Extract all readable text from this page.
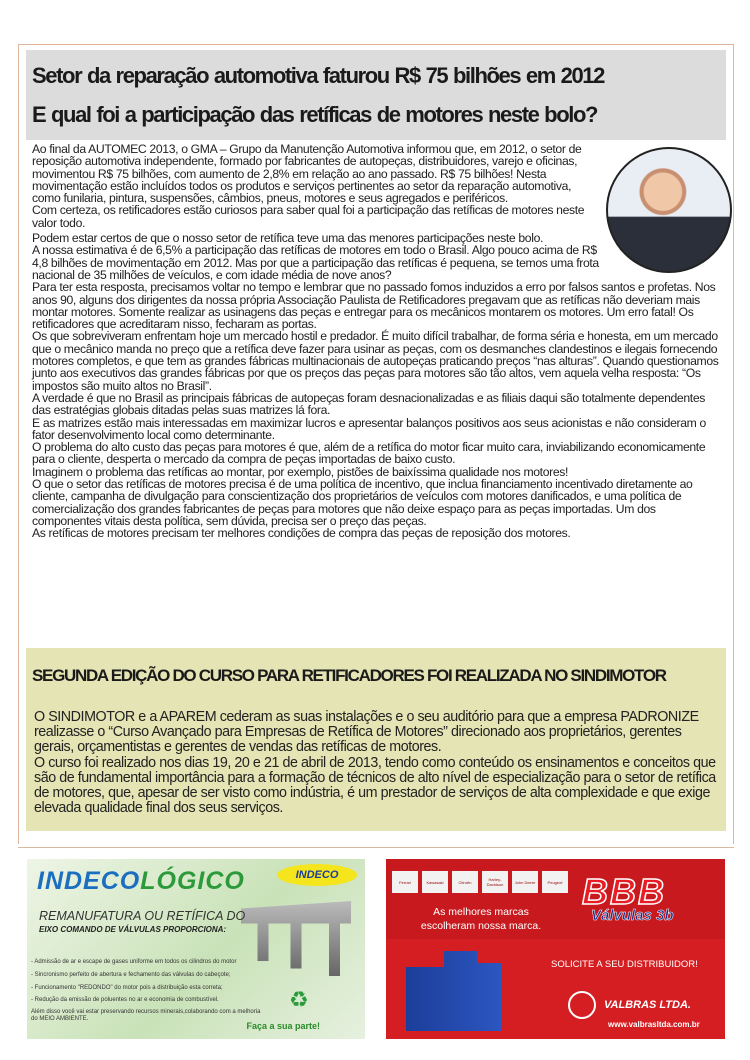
Setor da reparação automotiva faturou R$ 75 bilhões em 2012
E qual foi a participação das retíficas de motores neste bolo?

Ao final da AUTOMEC 2013, o GMA – Grupo da Manutenção Automotiva informou que, em 2012, o setor de reposição automotiva independente, formado por fabricantes de autopeças, distribuidores, varejo e oficinas, movimentou R$ 75 bilhões, com aumento de 2,8% em relação ao ano passado. R$ 75 bilhões! Nesta movimentação estão incluídos todos os produtos e serviços pertinentes ao setor da reparação automotiva, como funilaria, pintura, suspensões, câmbios, pneus, motores e seus agregados e periféricos.

Com certeza, os retificadores estão curiosos para saber qual foi a participação das retíficas de motores neste valor todo.

Podem estar certos de que o nosso setor de retífica teve uma das menores participações neste bolo.

A nossa estimativa é de 6,5% a participação das retíficas de motores em todo o Brasil. Algo pouco acima de R$ 4,8 bilhões de movimentação em 2012. Mas por que a participação das retíficas é pequena, se temos uma frota nacional de 35 milhões de veículos, e com idade média de nove anos?

Para ter esta resposta, precisamos voltar no tempo e lembrar que no passado fomos induzidos a erro por falsos santos e profetas. Nos anos 90, alguns dos dirigentes da nossa própria Associação Paulista de Retificadores pregavam que as retíficas não deveriam mais montar motores. Somente realizar as usinagens das peças e entregar para os mecânicos montarem os motores. Um erro fatal! Os retificadores que acreditaram nisso, fecharam as portas.

Os que sobreviveram enfrentam hoje um mercado hostil e predador. É muito difícil trabalhar, de forma séria e honesta, em um mercado que o mecânico manda no preço que a retífica deve fazer para usinar as peças, com os desmanches clandestinos e ilegais fornecendo motores completos, e que tem as grandes fábricas multinacionais de autopeças praticando preços “nas alturas”. Quando questionamos junto aos executivos das grandes fábricas por que os preços das peças para motores são tão altos, vem aquela velha resposta: “Os impostos são muito altos no Brasil”.

A verdade é que no Brasil as principais fábricas de autopeças foram desnacionalizadas e as filiais daqui são totalmente dependentes das estratégias globais ditadas pelas suas matrizes lá fora.

E as matrizes estão mais interessadas em maximizar lucros e apresentar balanços positivos aos seus acionistas e não consideram o fator desenvolvimento local como determinante.

O problema do alto custo das peças para motores é que, além de a retífica do motor ficar muito cara, inviabilizando economicamente para o cliente, desperta o mercado da compra de peças importadas de baixo custo.

Imaginem o problema das retíficas ao montar, por exemplo, pistões de baixíssima qualidade nos motores!

O que o setor das retíficas de motores precisa é de uma política de incentivo, que inclua financiamento incentivado diretamente ao cliente, campanha de divulgação para conscientização dos proprietários de veículos com motores danificados, e uma política de comercialização dos grandes fabricantes de peças para motores que não deixe espaço para as peças importadas. Um dos componentes vitais desta política, sem dúvida, precisa ser o preço das peças.

As retíficas de motores precisam ter melhores condições de compra das peças de reposição dos motores.

SEGUNDA EDIÇÃO DO CURSO PARA RETIFICADORES FOI REALIZADA NO SINDIMOTOR

O SINDIMOTOR e a APAREM cederam as suas instalações e o seu auditório para que a empresa PADRONIZE realizasse o “Curso Avançado para Empresas de Retífica de Motores” direcionado aos proprietários, gerentes gerais, orçamentistas e gerentes de vendas das retíficas de motores.

O curso foi realizado nos dias 19, 20 e 21 de abril de 2013, tendo como conteúdo os ensinamentos e conceitos que são de fundamental importância para a formação de técnicos de alto nível de especialização para o setor de retífica de motores, que, apesar de ser visto como indústria, é um prestador de serviços de alta complexidade e que exige elevada qualidade final dos seus serviços.

INDECOLÓGICO	INDECO
REMANUFATURA OU RETÍFICA DO
EIXO COMANDO DE VÁLVULAS PROPORCIONA:
- Admissão de ar e escape de gases uniforme em todos os cilindros do motor
- Sincronismo perfeito de abertura e fechamento das válvulas do cabeçote;
- Funcionamento "REDONDO" do motor pois a distribuição esta correta;
- Redução da emissão de poluentes no ar e economia de combustível.
Além disso você vai estar preservando recursos minerais,colaborando com a melhoria do MEIO AMBIENTE.
♻
Faça a sua parte!
Ferrari	Kawasaki	Citroën	Harley-Davidson	John Deere	Peugeot
As melhores marcas escolheram nossa marca.
BBB
Válvulas 3b
SOLICITE A SEU DISTRIBUIDOR!
VALBRAS LTDA.
www.valbrasltda.com.br
